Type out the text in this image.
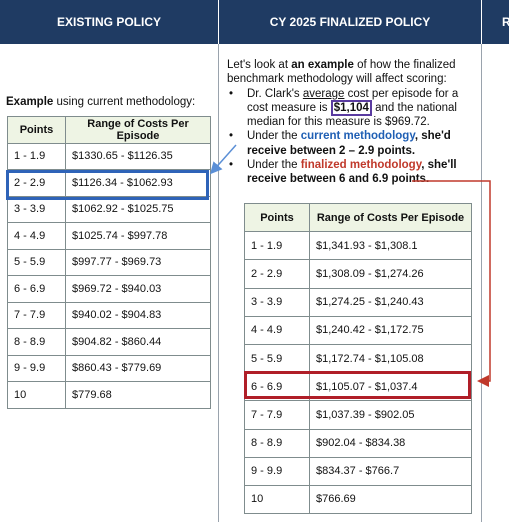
EXISTING POLICY	CY 2025 FINALIZED POLICY	R
Example using current methodology:
Points	Range of Costs Per Episode
1 - 1.9	$1330.65 - $1126.35
2 - 2.9	$1126.34 - $1062.93
3 - 3.9	$1062.92 - $1025.75
4 - 4.9	$1025.74 - $997.78
5 - 5.9	$997.77 - $969.73
6 - 6.9	$969.72 - $940.03
7 - 7.9	$940.02 - $904.83
8 - 8.9	$904.82 - $860.44
9 - 9.9	$860.43 - $779.69
10	$779.68

Let's look at an example of how the finalized benchmark methodology will affect scoring:

• Dr. Clark's average cost per episode for a cost measure is $1,104 and the national median for this measure is $969.72.
• Under the current methodology, she'd receive between 2 – 2.9 points.
• Under the finalized methodology, she'll receive between 6 and 6.9 points.
Points	Range of Costs Per Episode
1 - 1.9	$1,341.93 - $1,308.1
2 - 2.9	$1,308.09 - $1,274.26
3 - 3.9	$1,274.25 - $1,240.43
4 - 4.9	$1,240.42 - $1,172.75
5 - 5.9	$1,172.74 - $1,105.08
6 - 6.9	$1,105.07 - $1,037.4
7 - 7.9	$1,037.39 - $902.05
8 - 8.9	$902.04 - $834.38
9 - 9.9	$834.37 - $766.7
10	$766.69
